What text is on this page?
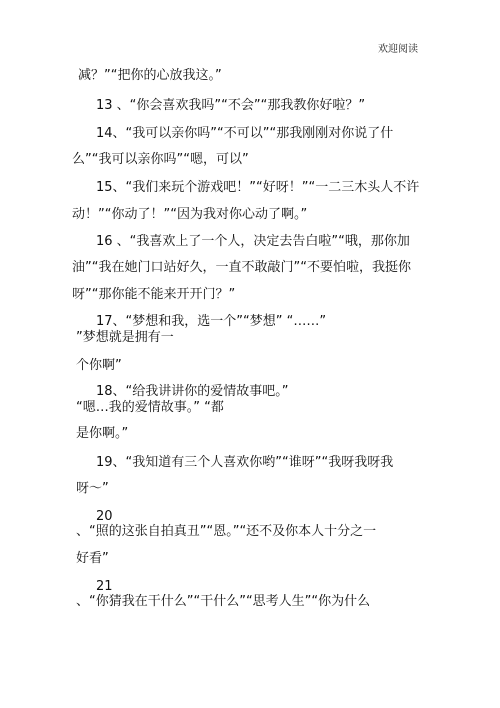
欢迎阅读
减？”“把你的心放我这。”
13 、“你会喜欢我吗”“不会”“那我教你好啦？”
14、“我可以亲你吗”“不可以”“那我刚刚对你说了什
么”“我可以亲你吗”“嗯，可以”
15、“我们来玩个游戏吧！”“好呀！”“一二三木头人不许
动！”“你动了！”“因为我对你心动了啊。”
16 、“我喜欢上了一个人，决定去告白啦”“哦，那你加
油”“我在她门口站好久，一直不敢敲门”“不要怕啦，我挺你
呀”“那你能不能来开开门？”
17、“梦想和我，选一个”“梦想” “……”
”梦想就是拥有一
个你啊”
18、“给我讲讲你的爱情故事吧。”
“嗯…我的爱情故事。” “都
是你啊。”
19、“我知道有三个人喜欢你哟”“谁呀”“我呀我呀我
呀～”
20
、“照的这张自拍真丑”“恩。”“还不及你本人十分之一
好看”
21
、“你猜我在干什么”“干什么”“思考人生”“你为什么
